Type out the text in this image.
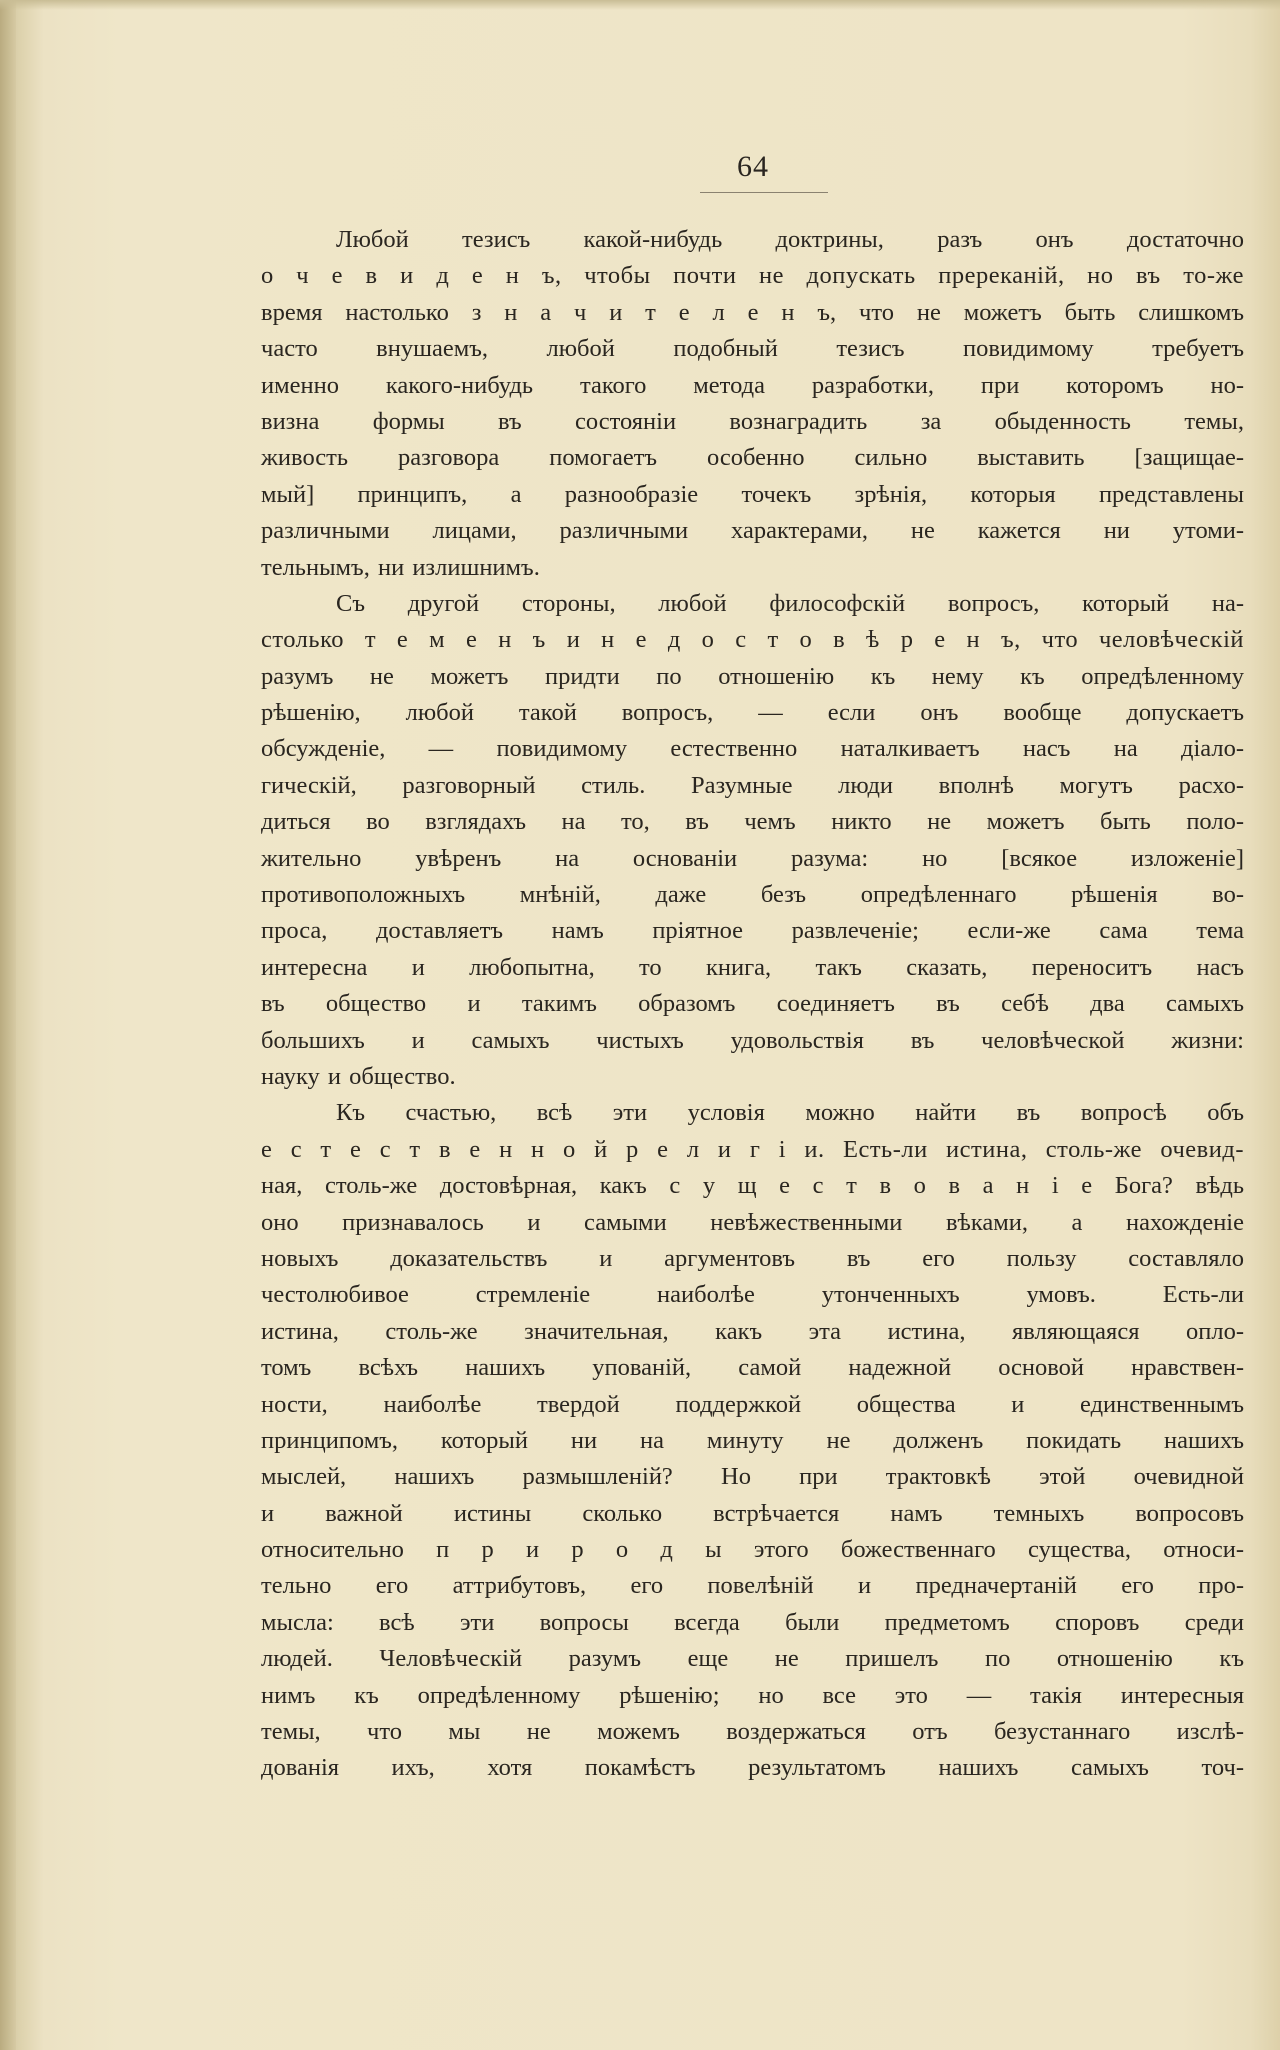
64
Любой тезисъ какой-нибудь доктрины, разъ онъ достаточно
о ч е в и д е н ъ, чтобы почти не допускать пререканій, но въ то-же
время настолько з н а ч и т е л е н ъ, что не можетъ быть слишкомъ
часто внушаемъ, любой подобный тезисъ повидимому требуетъ
именно какого-нибудь такого метода разработки, при которомъ но-
визна формы въ состояніи вознаградить за обыденность темы,
живость разговора помогаетъ особенно сильно выставить [защищае-
мый] принципъ, а разнообразіе точекъ зрѣнія, которыя представлены
различными лицами, различными характерами, не кажется ни утоми-
тельнымъ, ни излишнимъ.
Съ другой стороны, любой философскій вопросъ, который на-
столько т е м е н ъ и н е д о с т о в ѣ р е н ъ, что человѣческій
разумъ не можетъ придти по отношенію къ нему къ опредѣленному
рѣшенію, любой такой вопросъ, — если онъ вообще допускаетъ
обсужденіе, — повидимому естественно наталкиваетъ насъ на діало-
гическій, разговорный стиль. Разумные люди вполнѣ могутъ расхо-
диться во взглядахъ на то, въ чемъ никто не можетъ быть поло-
жительно увѣренъ на основаніи разума: но [всякое изложеніе]
противоположныхъ мнѣній, даже безъ опредѣленнаго рѣшенія во-
проса, доставляетъ намъ пріятное развлеченіе; если-же сама тема
интересна и любопытна, то книга, такъ сказать, переноситъ насъ
въ общество и такимъ образомъ соединяетъ въ себѣ два самыхъ
большихъ и самыхъ чистыхъ удовольствія въ человѣческой жизни:
науку и общество.
Къ счастью, всѣ эти условія можно найти въ вопросѣ объ
е с т е с т в е н н о й р е л и г і и. Есть-ли истина, столь-же очевид-
ная, столь-же достовѣрная, какъ с у щ е с т в о в а н і е Бога? вѣдь
оно признавалось и самыми невѣжественными вѣками, а нахожденіе
новыхъ доказательствъ и аргументовъ въ его пользу составляло
честолюбивое стремленіе наиболѣе утонченныхъ умовъ. Есть-ли
истина, столь-же значительная, какъ эта истина, являющаяся опло-
томъ всѣхъ нашихъ упованій, самой надежной основой нравствен-
ности, наиболѣе твердой поддержкой общества и единственнымъ
принципомъ, который ни на минуту не долженъ покидать нашихъ
мыслей, нашихъ размышленій? Но при трактовкѣ этой очевидной
и важной истины сколько встрѣчается намъ темныхъ вопросовъ
относительно п р и р о д ы этого божественнаго существа, относи-
тельно его аттрибутовъ, его повелѣній и предначертаній его про-
мысла: всѣ эти вопросы всегда были предметомъ споровъ среди
людей. Человѣческій разумъ еще не пришелъ по отношенію къ
нимъ къ опредѣленному рѣшенію; но все это — такія интересныя
темы, что мы не можемъ воздержаться отъ безустаннаго изслѣ-
дованія ихъ, хотя покамѣстъ результатомъ нашихъ самыхъ точ-
